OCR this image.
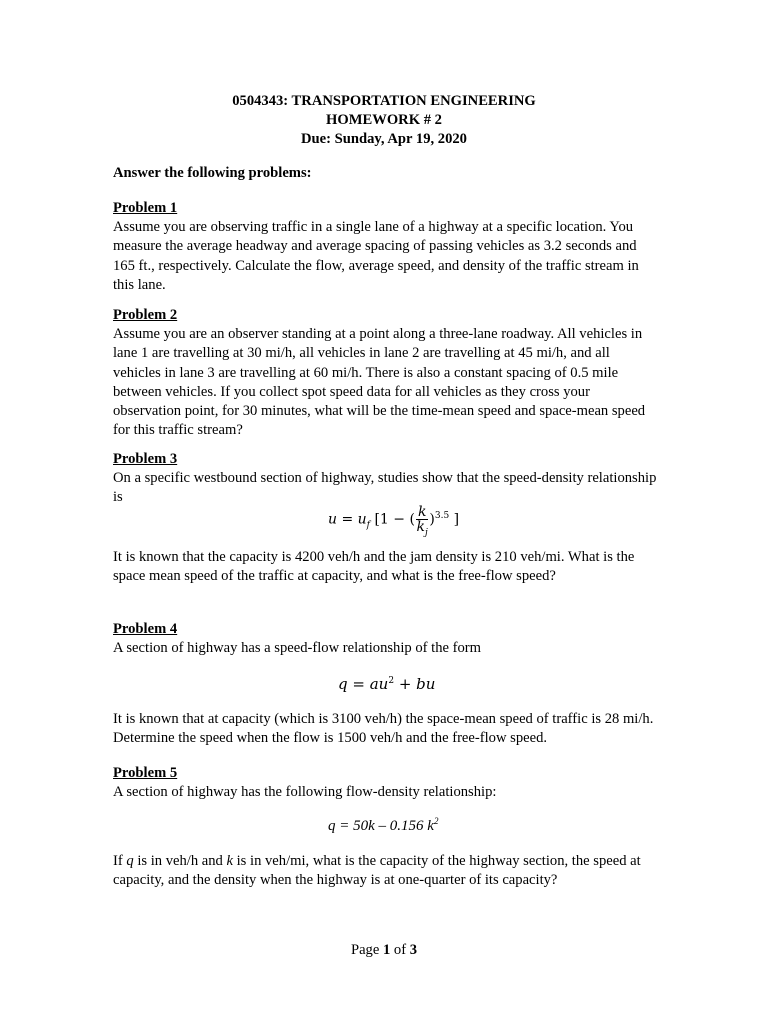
0504343: TRANSPORTATION ENGINEERING
HOMEWORK # 2
Due: Sunday, Apr 19, 2020
Answer the following problems:
Problem 1
Assume you are observing traffic in a single lane of a highway at a specific location. You measure the average headway and average spacing of passing vehicles as 3.2 seconds and 165 ft., respectively. Calculate the flow, average speed, and density of the traffic stream in this lane.
Problem 2
Assume you are an observer standing at a point along a three-lane roadway. All vehicles in lane 1 are travelling at 30 mi/h, all vehicles in lane 2 are travelling at 45 mi/h, and all vehicles in lane 3 are travelling at 60 mi/h. There is also a constant spacing of 0.5 mile between vehicles. If you collect spot speed data for all vehicles as they cross your observation point, for 30 minutes, what will be the time-mean speed and space-mean speed for this traffic stream?
Problem 3
On a specific westbound section of highway, studies show that the speed-density relationship is
$u = u_f$ [1 − ( $\frac{k}{k_j} )^{3.5}$ ]
It is known that the capacity is 4200 veh/h and the jam density is 210 veh/mi. What is the space mean speed of the traffic at capacity, and what is the free-flow speed?
Problem 4
A section of highway has a speed-flow relationship of the form
$q = au^2$ + bu
It is known that at capacity (which is 3100 veh/h) the space-mean speed of traffic is 28 mi/h. Determine the speed when the flow is 1500 veh/h and the free-flow speed.
Problem 5
A section of highway has the following flow-density relationship:
q = 50k – 0.156 $k^2$
If q is in veh/h and k is in veh/mi, what is the capacity of the highway section, the speed at capacity, and the density when the highway is at one-quarter of its capacity?
Page 1 of 3
